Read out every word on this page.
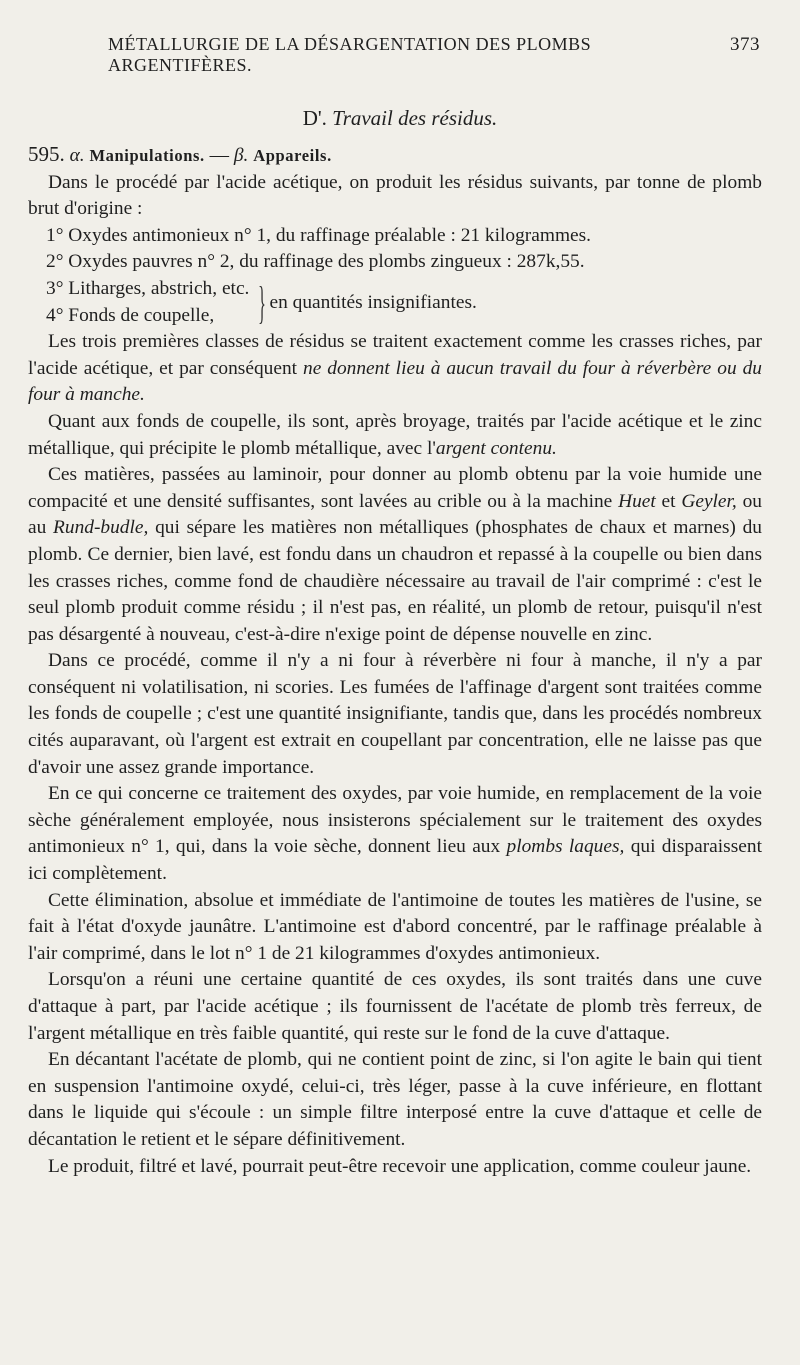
MÉTALLURGIE DE LA DÉSARGENTATION DES PLOMBS ARGENTIFÈRES.
373
D'. Travail des résidus.

595. α. Manipulations. — β. Appareils.

Dans le procédé par l'acide acétique, on produit les résidus suivants, par tonne de plomb brut d'origine :

1° Oxydes antimonieux n° 1, du raffinage préalable : 21 kilogrammes.

2° Oxydes pauvres n° 2, du raffinage des plombs zingueux : 287k,55.

3° Litharges, abstrich, etc.

4° Fonds de coupelle, } en quantités insignifiantes.

Les trois premières classes de résidus se traitent exactement comme les crasses riches, par l'acide acétique, et par conséquent ne donnent lieu à aucun travail du four à réverbère ou du four à manche.

Quant aux fonds de coupelle, ils sont, après broyage, traités par l'acide acétique et le zinc métallique, qui précipite le plomb métallique, avec l'argent contenu.

Ces matières, passées au laminoir, pour donner au plomb obtenu par la voie humide une compacité et une densité suffisantes, sont lavées au crible ou à la machine Huet et Geyler, ou au Rund-budle, qui sépare les matières non métalliques (phosphates de chaux et marnes) du plomb. Ce dernier, bien lavé, est fondu dans un chaudron et repassé à la coupelle ou bien dans les crasses riches, comme fond de chaudière nécessaire au travail de l'air comprimé : c'est le seul plomb produit comme résidu ; il n'est pas, en réalité, un plomb de retour, puisqu'il n'est pas désargenté à nouveau, c'est-à-dire n'exige point de dépense nouvelle en zinc.

Dans ce procédé, comme il n'y a ni four à réverbère ni four à manche, il n'y a par conséquent ni volatilisation, ni scories. Les fumées de l'affinage d'argent sont traitées comme les fonds de coupelle ; c'est une quantité insignifiante, tandis que, dans les procédés nombreux cités auparavant, où l'argent est extrait en coupellant par concentration, elle ne laisse pas que d'avoir une assez grande importance.

En ce qui concerne ce traitement des oxydes, par voie humide, en remplacement de la voie sèche généralement employée, nous insisterons spécialement sur le traitement des oxydes antimonieux n° 1, qui, dans la voie sèche, donnent lieu aux plombs laques, qui disparaissent ici complètement.

Cette élimination, absolue et immédiate de l'antimoine de toutes les matières de l'usine, se fait à l'état d'oxyde jaunâtre. L'antimoine est d'abord concentré, par le raffinage préalable à l'air comprimé, dans le lot n° 1 de 21 kilogrammes d'oxydes antimonieux.

Lorsqu'on a réuni une certaine quantité de ces oxydes, ils sont traités dans une cuve d'attaque à part, par l'acide acétique ; ils fournissent de l'acétate de plomb très ferreux, de l'argent métallique en très faible quantité, qui reste sur le fond de la cuve d'attaque.

En décantant l'acétate de plomb, qui ne contient point de zinc, si l'on agite le bain qui tient en suspension l'antimoine oxydé, celui-ci, très léger, passe à la cuve inférieure, en flottant dans le liquide qui s'écoule : un simple filtre interposé entre la cuve d'attaque et celle de décantation le retient et le sépare définitivement.

Le produit, filtré et lavé, pourrait peut-être recevoir une application, comme couleur jaune.
